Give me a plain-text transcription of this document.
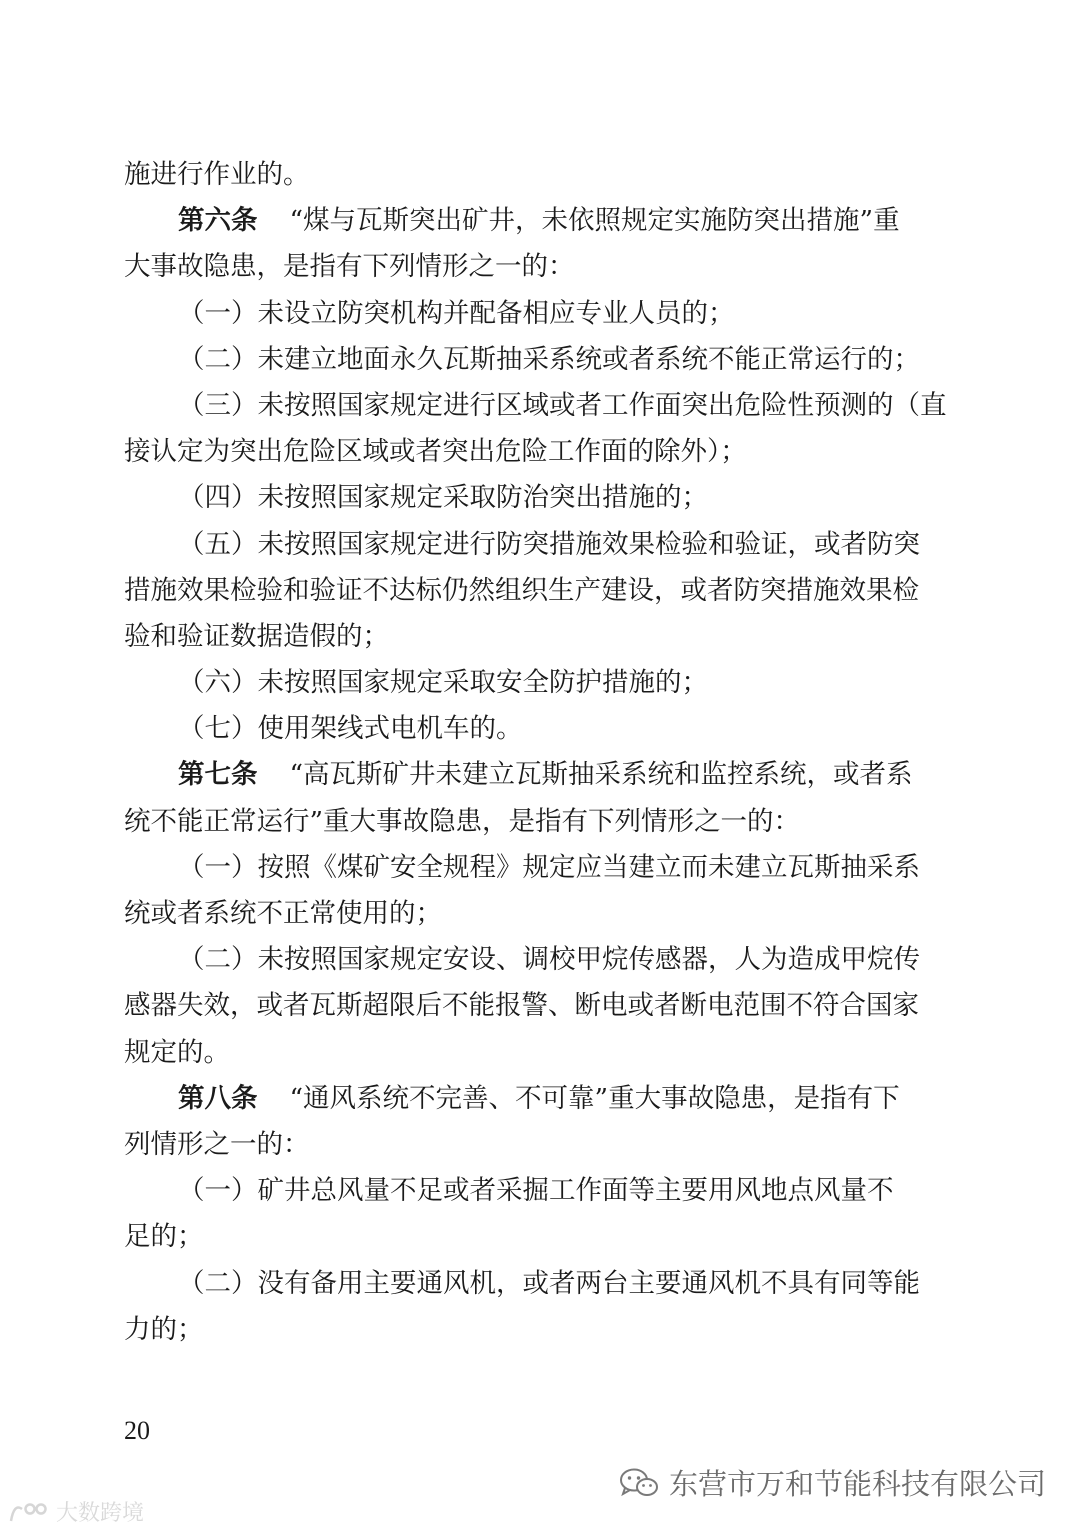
施进行作业的。
第六条 “煤与瓦斯突出矿井，未依照规定实施防突出措施”重
大事故隐患，是指有下列情形之一的：
（一）未设立防突机构并配备相应专业人员的；
（二）未建立地面永久瓦斯抽采系统或者系统不能正常运行的；
（三）未按照国家规定进行区域或者工作面突出危险性预测的（直
接认定为突出危险区域或者突出危险工作面的除外）；
（四）未按照国家规定采取防治突出措施的；
（五）未按照国家规定进行防突措施效果检验和验证，或者防突
措施效果检验和验证不达标仍然组织生产建设，或者防突措施效果检
验和验证数据造假的；
（六）未按照国家规定采取安全防护措施的；
（七）使用架线式电机车的。
第七条 “高瓦斯矿井未建立瓦斯抽采系统和监控系统，或者系
统不能正常运行”重大事故隐患，是指有下列情形之一的：
（一）按照《煤矿安全规程》规定应当建立而未建立瓦斯抽采系
统或者系统不正常使用的；
（二）未按照国家规定安设、调校甲烷传感器，人为造成甲烷传
感器失效，或者瓦斯超限后不能报警、断电或者断电范围不符合国家
规定的。
第八条 “通风系统不完善、不可靠”重大事故隐患，是指有下
列情形之一的：
（一）矿井总风量不足或者采掘工作面等主要用风地点风量不
足的；
（二）没有备用主要通风机，或者两台主要通风机不具有同等能
力的；
20
东营市万和节能科技有限公司
大数跨境
